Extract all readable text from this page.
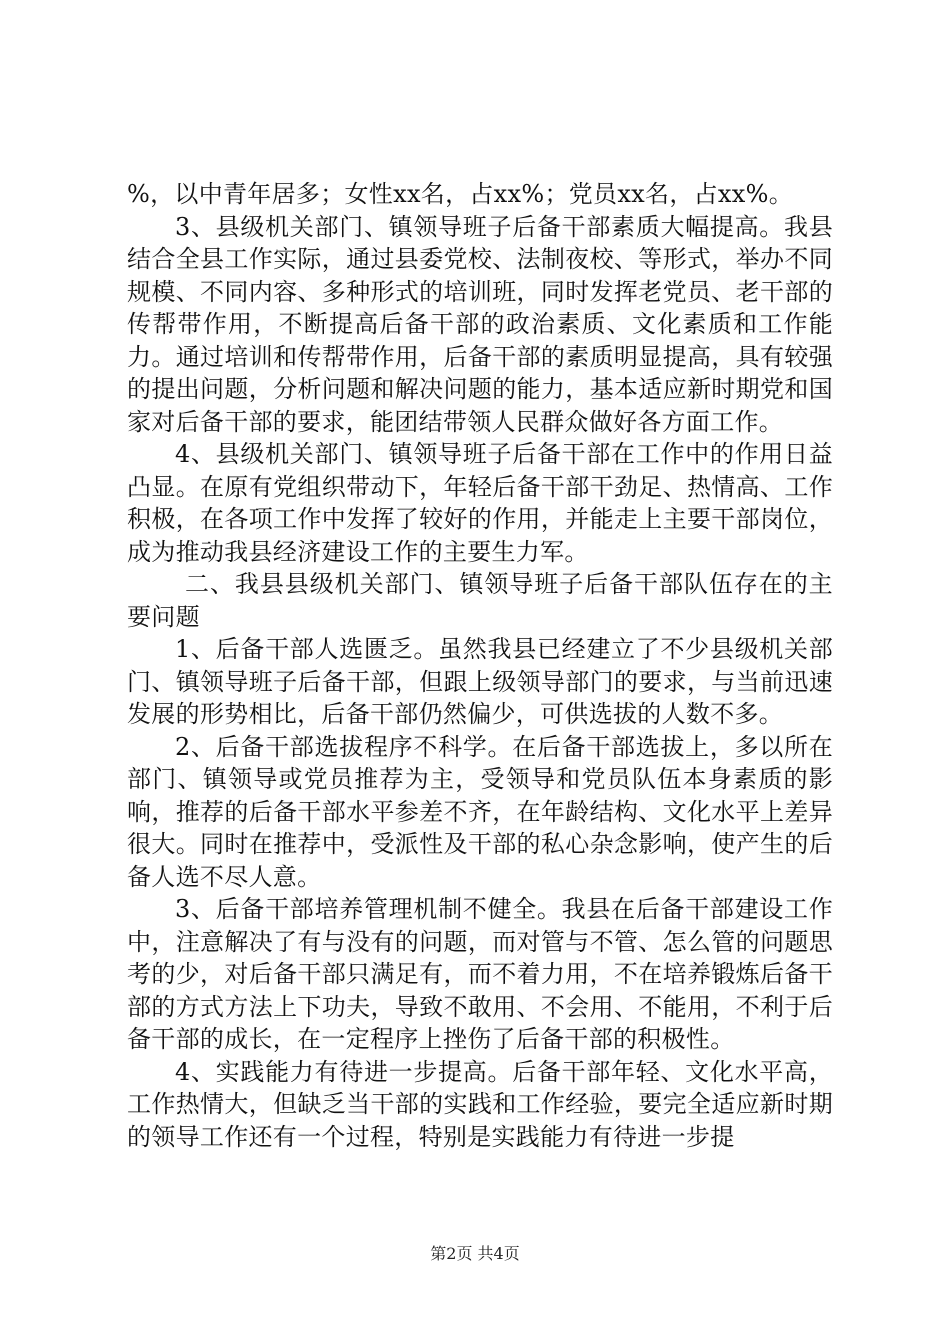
%，以中青年居多；女性xx名，占xx%；党员xx名，占xx%。

3、县级机关部门、镇领导班子后备干部素质大幅提高。我县结合全县工作实际，通过县委党校、法制夜校、等形式，举办不同规模、不同内容、多种形式的培训班，同时发挥老党员、老干部的传帮带作用，不断提高后备干部的政治素质、文化素质和工作能力。通过培训和传帮带作用，后备干部的素质明显提高，具有较强的提出问题，分析问题和解决问题的能力，基本适应新时期党和国家对后备干部的要求，能团结带领人民群众做好各方面工作。

4、县级机关部门、镇领导班子后备干部在工作中的作用日益凸显。在原有党组织带动下，年轻后备干部干劲足、热情高、工作积极，在各项工作中发挥了较好的作用，并能走上主要干部岗位，成为推动我县经济建设工作的主要生力军。

二、我县县级机关部门、镇领导班子后备干部队伍存在的主要问题

1、后备干部人选匮乏。虽然我县已经建立了不少县级机关部门、镇领导班子后备干部，但跟上级领导部门的要求，与当前迅速发展的形势相比，后备干部仍然偏少，可供选拔的人数不多。

2、后备干部选拔程序不科学。在后备干部选拔上，多以所在部门、镇领导或党员推荐为主，受领导和党员队伍本身素质的影响，推荐的后备干部水平参差不齐，在年龄结构、文化水平上差异很大。同时在推荐中，受派性及干部的私心杂念影响，使产生的后备人选不尽人意。

3、后备干部培养管理机制不健全。我县在后备干部建设工作中，注意解决了有与没有的问题，而对管与不管、怎么管的问题思考的少，对后备干部只满足有，而不着力用，不在培养锻炼后备干部的方式方法上下功夫，导致不敢用、不会用、不能用，不利于后备干部的成长，在一定程序上挫伤了后备干部的积极性。

4、实践能力有待进一步提高。后备干部年轻、文化水平高，工作热情大，但缺乏当干部的实践和工作经验，要完全适应新时期的领导工作还有一个过程，特别是实践能力有待进一步提

第2页 共4页
